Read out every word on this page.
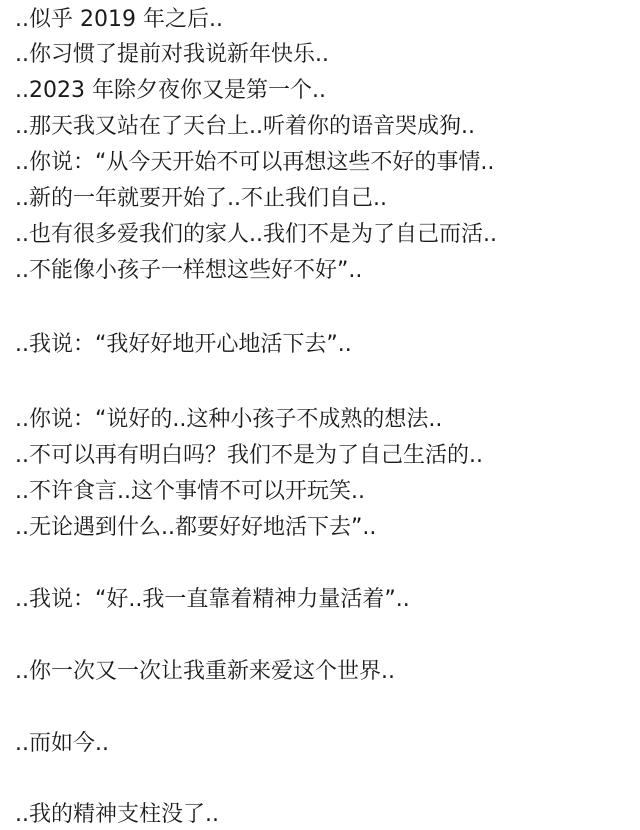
..似乎 2019 年之后..
..你习惯了提前对我说新年快乐..
..2023 年除夕夜你又是第一个..
..那天我又站在了天台上..听着你的语音哭成狗..
..你说：“从今天开始不可以再想这些不好的事情..
..新的一年就要开始了..不止我们自己..
..也有很多爱我们的家人..我们不是为了自己而活..
..不能像小孩子一样想这些好不好”..
..我说：“我好好地开心地活下去”..
..你说：“说好的..这种小孩子不成熟的想法..
..不可以再有明白吗？我们不是为了自己生活的..
..不许食言..这个事情不可以开玩笑..
..无论遇到什么..都要好好地活下去”..
..我说：“好..我一直靠着精神力量活着”..
..你一次又一次让我重新来爱这个世界..
..而如今..
..我的精神支柱没了..
